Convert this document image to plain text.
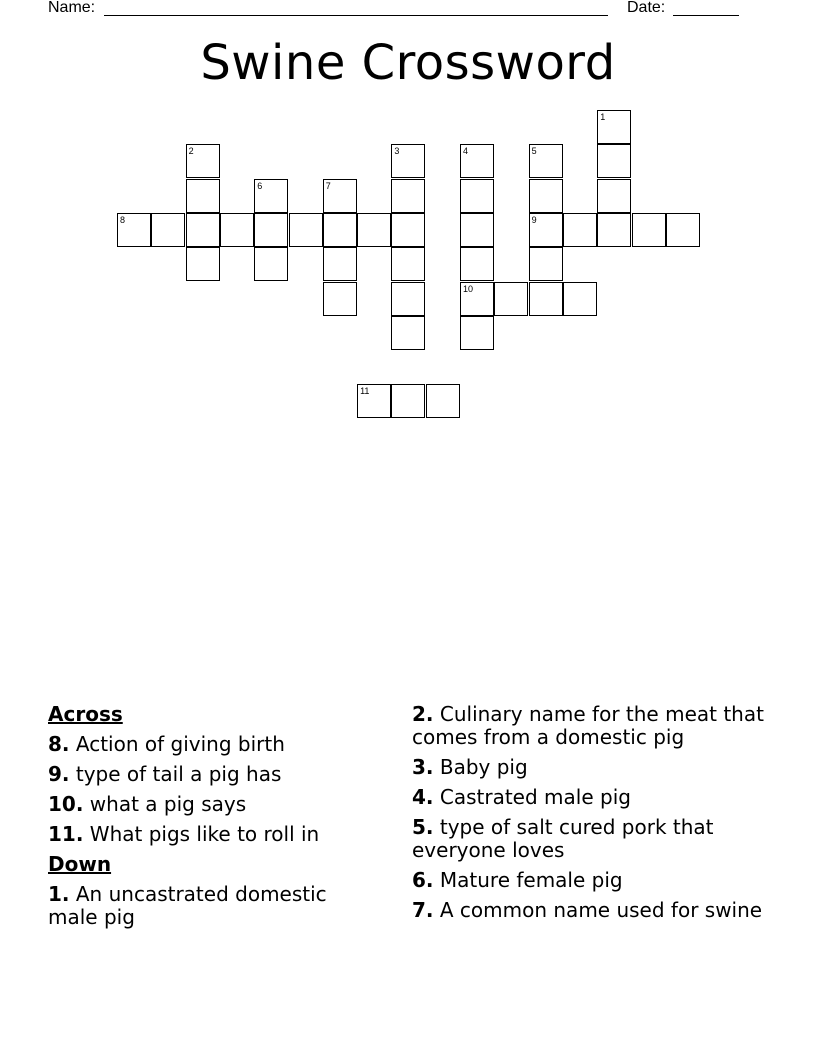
Name:	Date:
Swine Crossword
8	9
10
11
1
2	3	4	5
6	7
Across
8. Action of giving birth
9. type of tail a pig has
10. what a pig says
11. What pigs like to roll in
Down
1. An uncastrated domestic male pig
2. Culinary name for the meat that comes from a domestic pig
3. Baby pig
4. Castrated male pig
5. type of salt cured pork that everyone loves
6. Mature female pig
7. A common name used for swine
